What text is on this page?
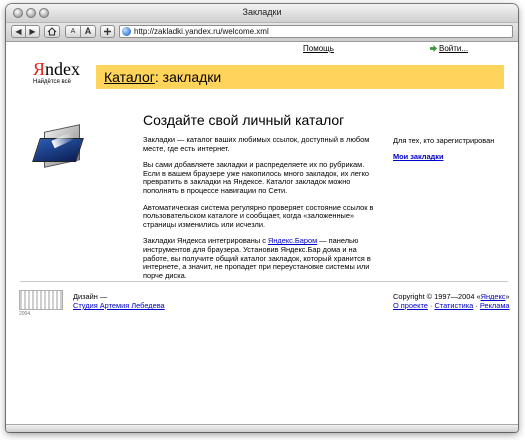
Закладки
◀ ▶	A	A	http://zakladki.yandex.ru/welcome.xml
Помощь	Войти...
Яndex
Найдётся всё	Каталог: закладки
Создайте свой личный каталог

Закладки — каталог ваших любимых ссылок, доступный в любом месте, где есть интернет.

Вы сами добавляете закладки и распределяете их по рубрикам. Если в вашем браузере уже накопилось много закладок, их легко превратить в закладки на Яндексе. Каталог закладок можно пополнять в процессе навигации по Сети.

Автоматическая система регулярно проверяет состояние ссылок в пользовательском каталоге и сообщает, когда «заложенные» страницы изменились или исчезли.

Закладки Яндекса интегрированы с Яндекс.Баром — панелью инструментов для браузера. Установив Яндекс.Бар дома и на работе, вы получите общий каталог закладок, который хранится в интернете, а значит, не пропадет при переустановке системы или порче диска.

Для тех, кто зарегистрирован
Мои закладки
2004
Дизайн —
Студия Артемия Лебедева
Copyright © 1997—2004 «Яндекс»
О проекте · Статистика · Реклама
